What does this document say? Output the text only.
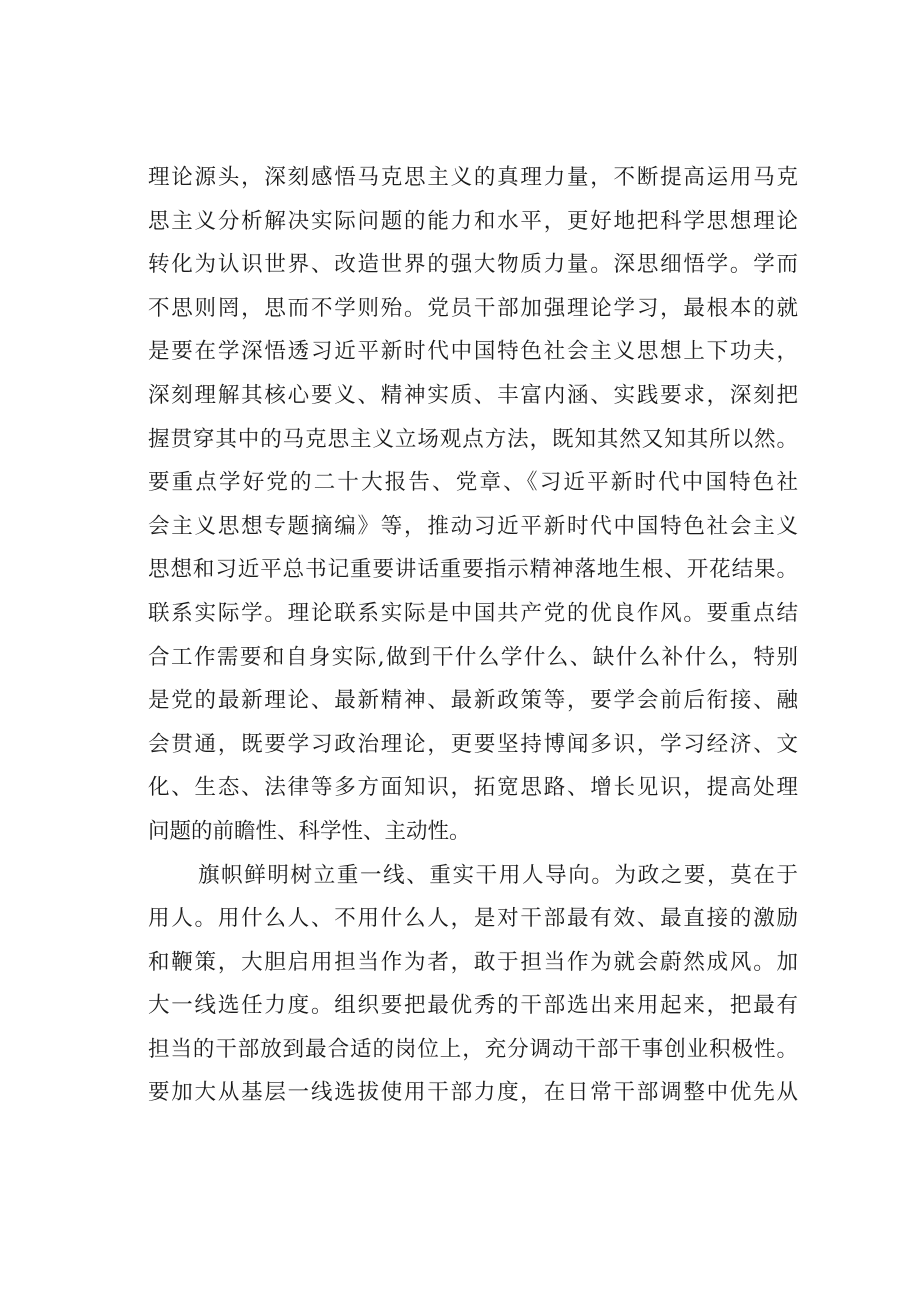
理论源头，深刻感悟马克思主义的真理力量，不断提高运用马克
思主义分析解决实际问题的能力和水平，更好地把科学思想理论
转化为认识世界、改造世界的强大物质力量。深思细悟学。学而
不思则罔，思而不学则殆。党员干部加强理论学习，最根本的就
是要在学深悟透习近平新时代中国特色社会主义思想上下功夫，
深刻理解其核心要义、精神实质、丰富内涵、实践要求，深刻把
握贯穿其中的马克思主义立场观点方法，既知其然又知其所以然。
要重点学好党的二十大报告、党章、《习近平新时代中国特色社
会主义思想专题摘编》等，推动习近平新时代中国特色社会主义
思想和习近平总书记重要讲话重要指示精神落地生根、开花结果。
联系实际学。理论联系实际是中国共产党的优良作风。要重点结
合工作需要和自身实际,做到干什么学什么、缺什么补什么，特别
是党的最新理论、最新精神、最新政策等，要学会前后衔接、融
会贯通，既要学习政治理论，更要坚持博闻多识，学习经济、文
化、生态、法律等多方面知识，拓宽思路、增长见识，提高处理
问题的前瞻性、科学性、主动性。
旗帜鲜明树立重一线、重实干用人导向。为政之要，莫在于
用人。用什么人、不用什么人，是对干部最有效、最直接的激励
和鞭策，大胆启用担当作为者，敢于担当作为就会蔚然成风。加
大一线选任力度。组织要把最优秀的干部选出来用起来，把最有
担当的干部放到最合适的岗位上，充分调动干部干事创业积极性。
要加大从基层一线选拔使用干部力度，在日常干部调整中优先从
